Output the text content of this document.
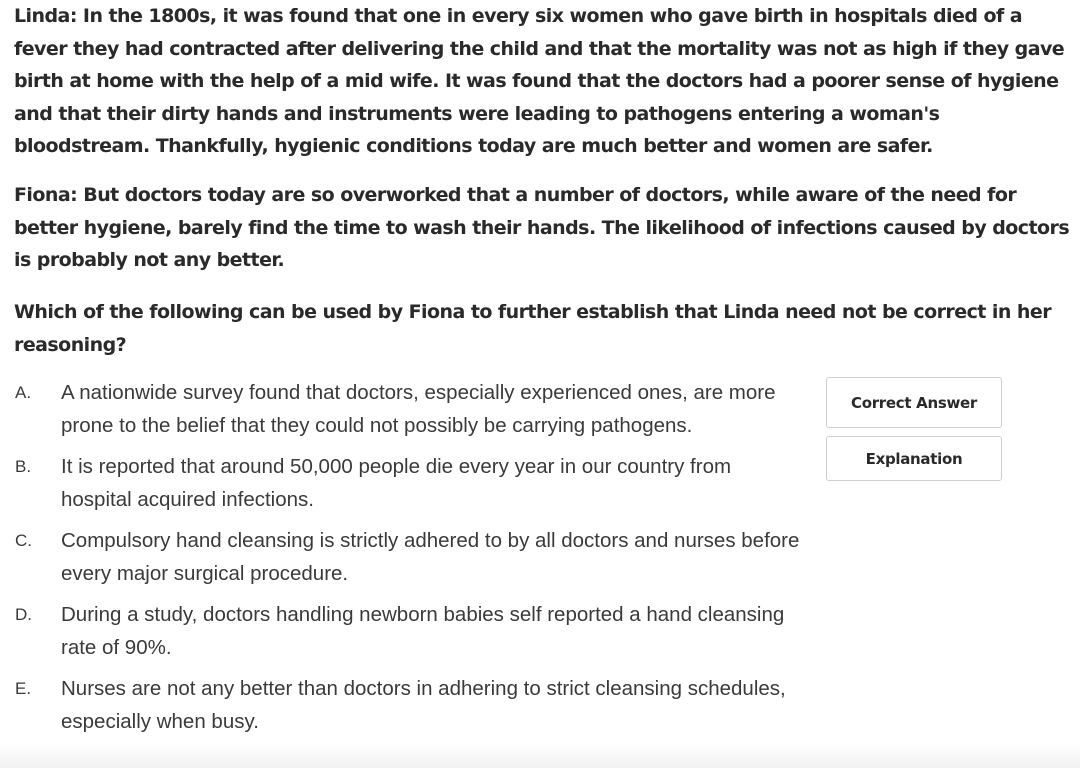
Linda: In the 1800s, it was found that one in every six women who gave birth in hospitals died of a fever they had contracted after delivering the child and that the mortality was not as high if they gave birth at home with the help of a mid wife. It was found that the doctors had a poorer sense of hygiene and that their dirty hands and instruments were leading to pathogens entering a woman's bloodstream. Thankfully, hygienic conditions today are much better and women are safer.

Fiona: But doctors today are so overworked that a number of doctors, while aware of the need for better hygiene, barely find the time to wash their hands. The likelihood of infections caused by doctors is probably not any better.

Which of the following can be used by Fiona to further establish that Linda need not be correct in her reasoning?

A.	A nationwide survey found that doctors, especially experienced ones, are more prone to the belief that they could not possibly be carrying pathogens.
B.	It is reported that around 50,000 people die every year in our country from hospital acquired infections.
C.	Compulsory hand cleansing is strictly adhered to by all doctors and nurses before every major surgical procedure.
D.	During a study, doctors handling newborn babies self reported a hand cleansing rate of 90%.
E.	Nurses are not any better than doctors in adhering to strict cleansing schedules, especially when busy.
Correct Answer
Explanation
